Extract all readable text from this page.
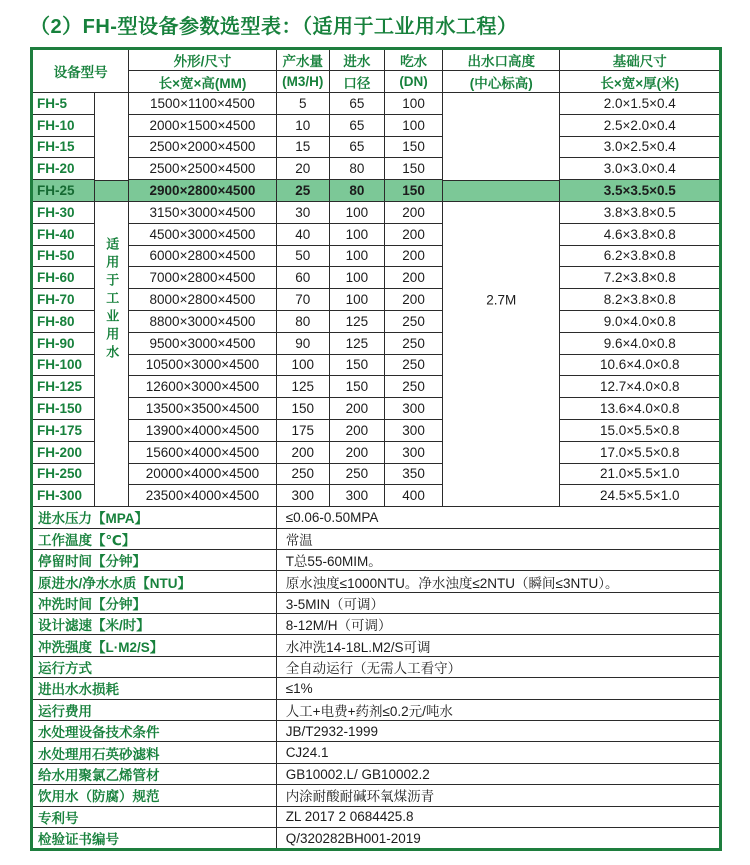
（2）FH-型设备参数选型表：（适用于工业用水工程）
设备型号		外形/尺寸	产水量	进水	吃水	出水口高度	基础尺寸
		长×宽×高(MM)	(M3/H)	口径	(DN)	(中心标高)	长×宽×厚(米)
FH-5	适用于工业用水	1500×1100×4500	5	65	100	2.7M	2.0×1.5×0.4
FH-10		2000×1500×4500	10	65	100		2.5×2.0×0.4
FH-15		2500×2000×4500	15	65	150		3.0×2.5×0.4
FH-20		2500×2500×4500	20	80	150		3.0×3.0×0.4
FH-25		2900×2800×4500	25	80	150		3.5×3.5×0.5
FH-30		3150×3000×4500	30	100	200		3.8×3.8×0.5
FH-40		4500×3000×4500	40	100	200		4.6×3.8×0.8
FH-50		6000×2800×4500	50	100	200		6.2×3.8×0.8
FH-60		7000×2800×4500	60	100	200		7.2×3.8×0.8
FH-70		8000×2800×4500	70	100	200		8.2×3.8×0.8
FH-80		8800×3000×4500	80	125	250		9.0×4.0×0.8
FH-90		9500×3000×4500	90	125	250		9.6×4.0×0.8
FH-100		10500×3000×4500	100	150	250		10.6×4.0×0.8
FH-125		12600×3000×4500	125	150	250		12.7×4.0×0.8
FH-150		13500×3500×4500	150	200	300		13.6×4.0×0.8
FH-175		13900×4000×4500	175	200	300		15.0×5.5×0.8
FH-200		15600×4000×4500	200	200	300		17.0×5.5×0.8
FH-250		20000×4000×4500	250	250	350		21.0×5.5×1.0
FH-300		23500×4000×4500	300	300	400		24.5×5.5×1.0
进水压力【MPA】			≤0.06-0.50MPA				
工作温度【℃】			常温				
停留时间【分钟】			T总55-60MIM。				
原进水/净水水质【NTU】			原水浊度≤1000NTU。净水浊度≤2NTU（瞬间≤3NTU）。				
冲洗时间【分钟】			3-5MIN（可调）				
设计滤速【米/时】			8-12M/H（可调）				
冲洗强度【L·M2/S】			水冲洗14-18L.M2/S可调				
运行方式			全自动运行（无需人工看守）				
进出水水损耗			≤1%				
运行费用			人工+电费+药剂≤0.2元/吨水				
水处理设备技术条件			JB/T2932-1999				
水处理用石英砂滤料			CJ24.1				
给水用聚氯乙烯管材			GB10002.L/ GB10002.2				
饮用水（防腐）规范			内涂耐酸耐碱环氧煤沥青				
专利号			ZL 2017 2 0684425.8				
检验证书编号			Q/320282BH001-2019				
